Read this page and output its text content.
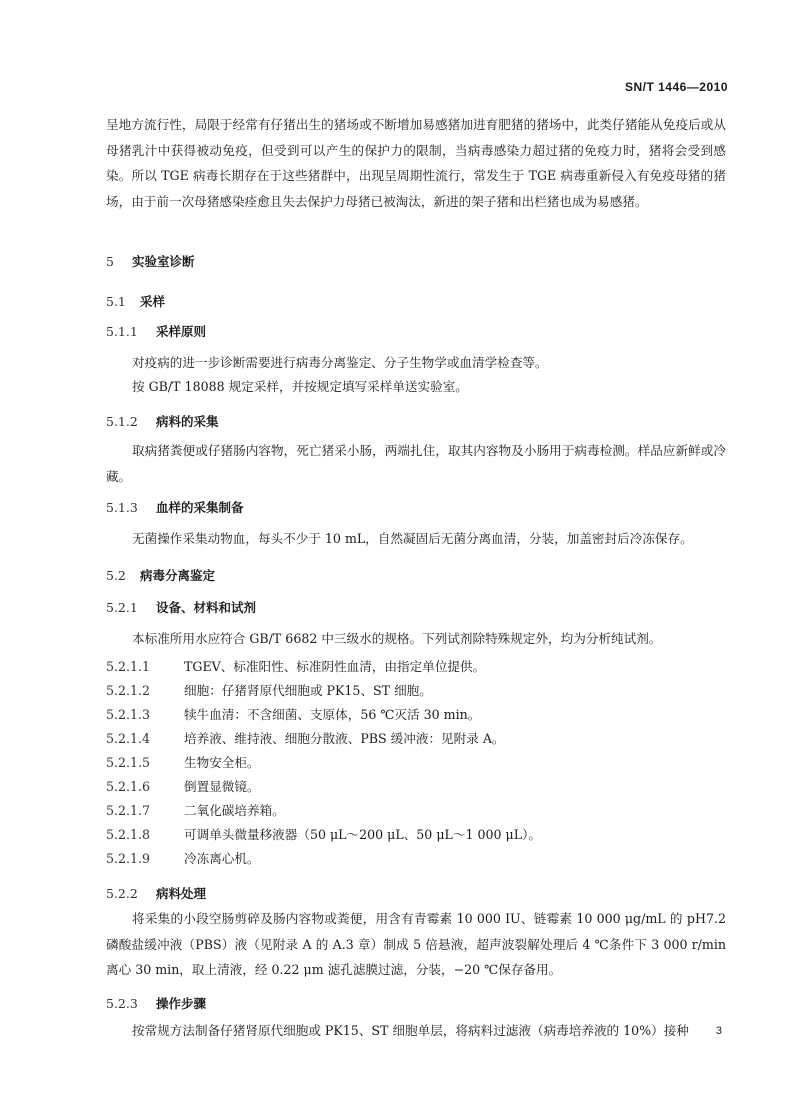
SN/T 1446—2010
呈地方流行性，局限于经常有仔猪出生的猪场或不断增加易感猪加进育肥猪的猪场中，此类仔猪能从免疫后或从母猪乳汁中获得被动免疫，但受到可以产生的保护力的限制，当病毒感染力超过猪的免疫力时，猪将会受到感染。所以 TGE 病毒长期存在于这些猪群中，出现呈周期性流行，常发生于 TGE 病毒重新侵入有免疫母猪的猪场，由于前一次母猪感染痊愈且失去保护力母猪已被淘汰，新进的架子猪和出栏猪也成为易感猪。
5 实验室诊断
5.1 采样
5.1.1 采样原则
对疫病的进一步诊断需要进行病毒分离鉴定、分子生物学或血清学检查等。
按 GB/T 18088 规定采样，并按规定填写采样单送实验室。
5.1.2 病料的采集
取病猪粪便或仔猪肠内容物，死亡猪采小肠，两端扎住，取其内容物及小肠用于病毒检测。样品应新鲜或冷藏。
5.1.3 血样的采集制备
无菌操作采集动物血，每头不少于 10 mL，自然凝固后无菌分离血清，分装，加盖密封后冷冻保存。
5.2 病毒分离鉴定
5.2.1 设备、材料和试剂
本标准所用水应符合 GB/T 6682 中三级水的规格。下列试剂除特殊规定外，均为分析纯试剂。
5.2.1.1	TGEV、标准阳性、标准阴性血清，由指定单位提供。
5.2.1.2	细胞：仔猪肾原代细胞或 PK15、ST 细胞。
5.2.1.3	犊牛血清：不含细菌、支原体，56 ℃灭活 30 min。
5.2.1.4	培养液、维持液、细胞分散液、PBS 缓冲液：见附录 A。
5.2.1.5	生物安全柜。
5.2.1.6	倒置显微镜。
5.2.1.7	二氧化碳培养箱。
5.2.1.8	可调单头微量移液器（50 μL～200 μL、50 μL～1 000 μL）。
5.2.1.9	冷冻离心机。
5.2.2 病料处理
将采集的小段空肠剪碎及肠内容物或粪便，用含有青霉素 10 000 IU、链霉素 10 000 μg/mL 的 pH7.2 磷酸盐缓冲液（PBS）液（见附录 A 的 A.3 章）制成 5 倍悬液，超声波裂解处理后 4 ℃条件下 3 000 r/min 离心 30 min，取上清液，经 0.22 μm 滤孔滤膜过滤，分装，−20 ℃保存备用。
5.2.3 操作步骤
按常规方法制备仔猪肾原代细胞或 PK15、ST 细胞单层，将病料过滤液（病毒培养液的 10%）接种	3
